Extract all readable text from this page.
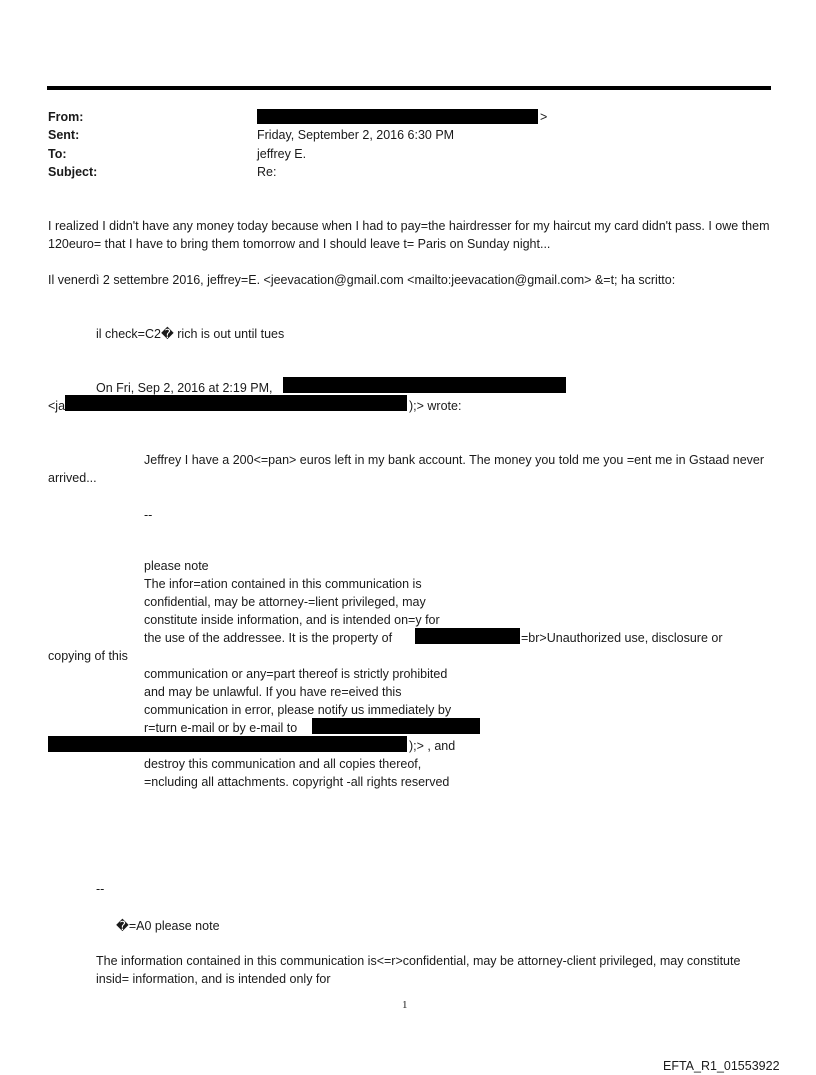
From:	>
Sent:	Friday, September 2, 2016 6:30 PM
To:	jeffrey E.
Subject:	Re:
I realized I didn't have any money today because when I had to pay=the hairdresser for my haircut my card didn't pass. I owe them 120euro= that I have to bring them tomorrow and I should leave t= Paris on Sunday night...
Il venerdì 2 settembre 2016, jeffrey=E. <jeevacation@gmail.com <mailto:jeevacation@gmail.com> &=t; ha scritto:
il check=C2� rich is out until tues
On Fri, Sep 2, 2016 at 2:19 PM,
<ja	);> wrote:
Jeffrey I have a 200<=pan> euros left in my bank account. The money you told me you =ent me in Gstaad never arrived...
--
please note
The infor=ation contained in this communication is
confidential, may be attorney-=lient privileged, may
constitute inside information, and is intended on=y for
the use of the addressee. It is the property of	=br>Unauthorized use, disclosure or
copying of this
communication or any=part thereof is strictly prohibited
and may be unlawful. If you have re=eived this
communication in error, please notify us immediately by
r=turn e-mail or by e-mail to
);> , and
destroy this communication and all copies thereof,
=ncluding all attachments. copyright -all rights reserved
--
�=A0 please note
The information contained in this communication is<=r>confidential, may be attorney-client privileged, may constitute insid= information, and is intended only for
1
EFTA_R1_01553922
